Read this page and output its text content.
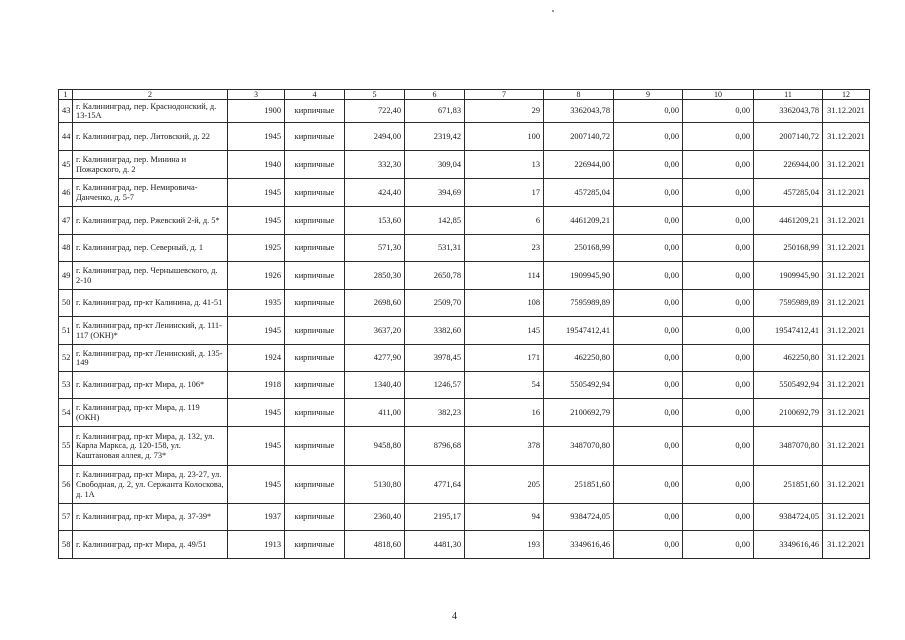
1	2	3	4	5	6	7	8	9	10	11	12
43	г. Калининград, пер. Краснодонский, д. 13-15А	1900	кирпичные	722,40	671,83	29	3362043,78	0,00	0,00	3362043,78	31.12.2021
44	г. Калининград, пер. Литовский, д. 22	1945	кирпичные	2494,00	2319,42	100	2007140,72	0,00	0,00	2007140,72	31.12.2021
45	г. Калининград, пер. Минина и Пожарского, д. 2	1940	кирпичные	332,30	309,04	13	226944,00	0,00	0,00	226944,00	31.12.2021
46	г. Калининград, пер. Немировича-Данченко, д. 5-7	1945	кирпичные	424,40	394,69	17	457285,04	0,00	0,00	457285,04	31.12.2021
47	г. Калининград, пер. Ржевский 2-й, д. 5*	1945	кирпичные	153,60	142,85	6	4461209,21	0,00	0,00	4461209,21	31.12.2021
48	г. Калининград, пер. Северный, д. 1	1925	кирпичные	571,30	531,31	23	250168,99	0,00	0,00	250168,99	31.12.2021
49	г. Калининград, пер. Чернышевского, д. 2-10	1926	кирпичные	2850,30	2650,78	114	1909945,90	0,00	0,00	1909945,90	31.12.2021
50	г. Калининград, пр-кт Калинина, д. 41-51	1935	кирпичные	2698,60	2509,70	108	7595989,89	0,00	0,00	7595989,89	31.12.2021
51	г. Калининград, пр-кт Ленинский, д. 111-117 (ОКН)*	1945	кирпичные	3637,20	3382,60	145	19547412,41	0,00	0,00	19547412,41	31.12.2021
52	г. Калининград, пр-кт Ленинский, д. 135-149	1924	кирпичные	4277,90	3978,45	171	462250,80	0,00	0,00	462250,80	31.12.2021
53	г. Калининград, пр-кт Мира, д. 106*	1918	кирпичные	1340,40	1246,57	54	5505492,94	0,00	0,00	5505492,94	31.12.2021
54	г. Калининград, пр-кт Мира, д. 119 (ОКН)	1945	кирпичные	411,00	382,23	16	2100692,79	0,00	0,00	2100692,79	31.12.2021
55	г. Калининград, пр-кт Мира, д. 132, ул. Карла Маркса, д. 120-158, ул. Каштановая аллея, д. 73*	1945	кирпичные	9458,80	8796,68	378	3487070,80	0,00	0,00	3487070,80	31.12.2021
56	г. Калининград, пр-кт Мира, д. 23-27, ул. Свободная, д. 2, ул. Сержанта Колоскова, д. 1А	1945	кирпичные	5130,80	4771,64	205	251851,60	0,00	0,00	251851,60	31.12.2021
57	г. Калининград, пр-кт Мира, д. 37-39*	1937	кирпичные	2360,40	2195,17	94	9384724,05	0,00	0,00	9384724,05	31.12.2021
58	г. Калининград, пр-кт Мира, д. 49/51	1913	кирпичные	4818,60	4481,30	193	3349616,46	0,00	0,00	3349616,46	31.12.2021
4
